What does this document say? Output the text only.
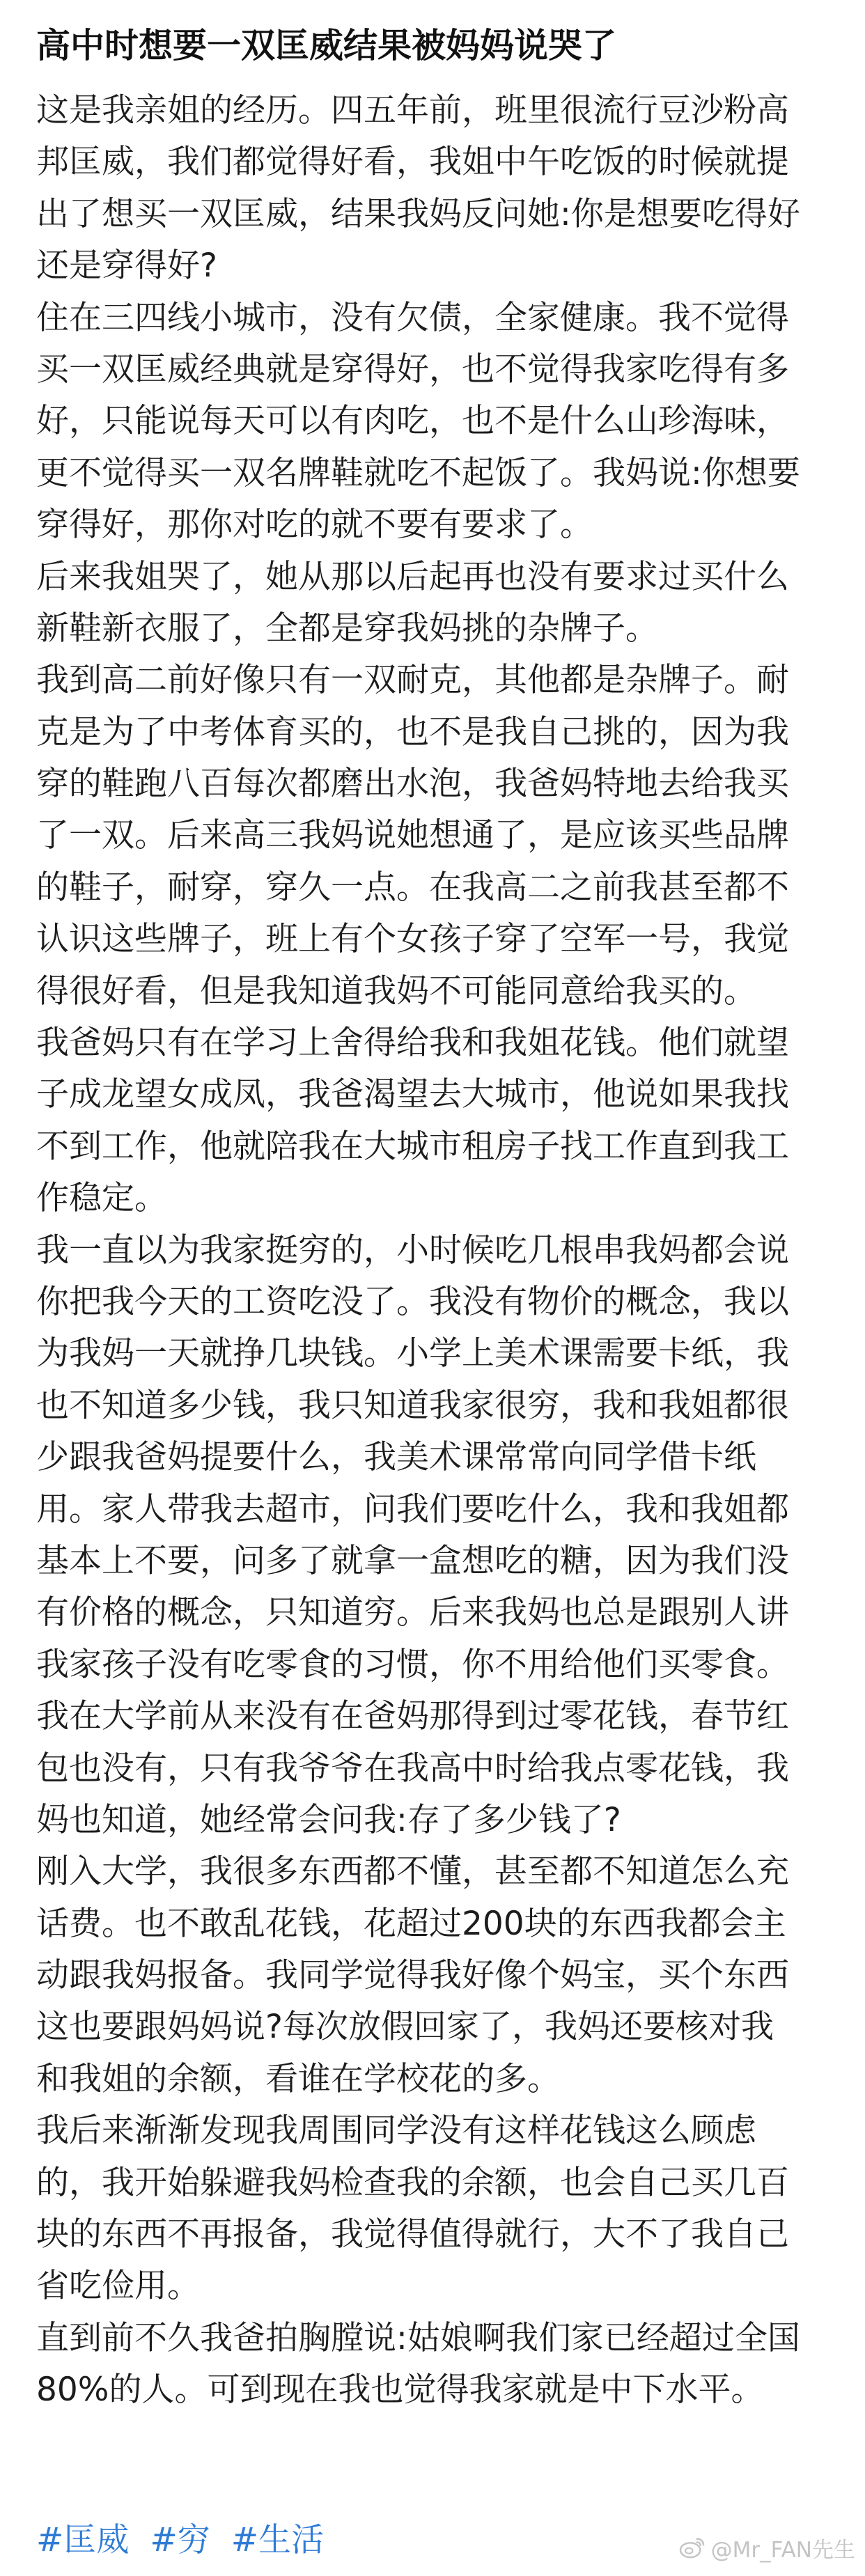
高中时想要一双匡威结果被妈妈说哭了
这是我亲姐的经历。四五年前，班里很流行豆沙粉高
邦匡威，我们都觉得好看，我姐中午吃饭的时候就提
出了想买一双匡威，结果我妈反问她:你是想要吃得好
还是穿得好?
住在三四线小城市，没有欠债，全家健康。我不觉得
买一双匡威经典就是穿得好，也不觉得我家吃得有多
好，只能说每天可以有肉吃，也不是什么山珍海味，
更不觉得买一双名牌鞋就吃不起饭了。我妈说:你想要
穿得好，那你对吃的就不要有要求了。
后来我姐哭了，她从那以后起再也没有要求过买什么
新鞋新衣服了，全都是穿我妈挑的杂牌子。
我到高二前好像只有一双耐克，其他都是杂牌子。耐
克是为了中考体育买的，也不是我自己挑的，因为我
穿的鞋跑八百每次都磨出水泡，我爸妈特地去给我买
了一双。后来高三我妈说她想通了，是应该买些品牌
的鞋子，耐穿，穿久一点。在我高二之前我甚至都不
认识这些牌子，班上有个女孩子穿了空军一号，我觉
得很好看，但是我知道我妈不可能同意给我买的。
我爸妈只有在学习上舍得给我和我姐花钱。他们就望
子成龙望女成凤，我爸渴望去大城市，他说如果我找
不到工作，他就陪我在大城市租房子找工作直到我工
作稳定。
我一直以为我家挺穷的，小时候吃几根串我妈都会说
你把我今天的工资吃没了。我没有物价的概念，我以
为我妈一天就挣几块钱。小学上美术课需要卡纸，我
也不知道多少钱，我只知道我家很穷，我和我姐都很
少跟我爸妈提要什么，我美术课常常向同学借卡纸
用。家人带我去超市，问我们要吃什么，我和我姐都
基本上不要，问多了就拿一盒想吃的糖，因为我们没
有价格的概念，只知道穷。后来我妈也总是跟别人讲
我家孩子没有吃零食的习惯，你不用给他们买零食。
我在大学前从来没有在爸妈那得到过零花钱，春节红
包也没有，只有我爷爷在我高中时给我点零花钱，我
妈也知道，她经常会问我:存了多少钱了?
刚入大学，我很多东西都不懂，甚至都不知道怎么充
话费。也不敢乱花钱，花超过200块的东西我都会主
动跟我妈报备。我同学觉得我好像个妈宝，买个东西
这也要跟妈妈说?每次放假回家了，我妈还要核对我
和我姐的余额，看谁在学校花的多。
我后来渐渐发现我周围同学没有这样花钱这么顾虑
的，我开始躲避我妈检查我的余额，也会自己买几百
块的东西不再报备，我觉得值得就行，大不了我自己
省吃俭用。
直到前不久我爸拍胸膛说:姑娘啊我们家已经超过全国
80%的人。可到现在我也觉得我家就是中下水平。
#匡威 #穷 #生活	@Mr_FAN先生
